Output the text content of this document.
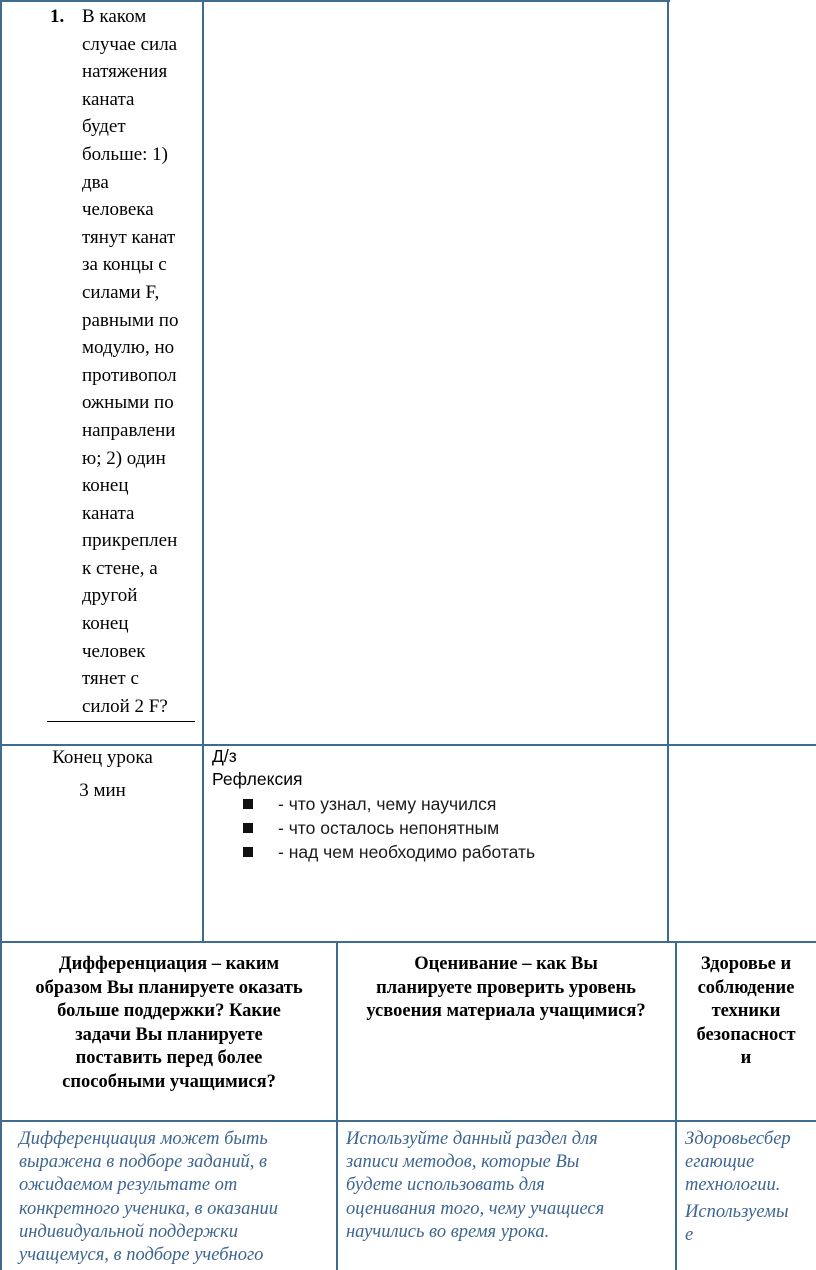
1. В каком
случае сила
натяжения
каната
будет
больше: 1)
два
человека
тянут канат
за концы с
силами F,
равными по
модулю, но
противопол
ожными по
направлени
ю; 2) один
конец
каната
прикреплен
к стене, а
другой
конец
человек
тянет с
силой 2 F?
Конец урока
3 мин
Д/з
Рефлексия
- что узнал, чему научился
- что осталось непонятным
- над чем необходимо работать
Дифференциация – каким
образом Вы планируете оказать
больше поддержки? Какие
задачи Вы планируете
поставить перед более
способными учащимися?
Оценивание – как Вы
планируете проверить уровень
усвоения материала учащимися?
Здоровье и
соблюдение
техники
безопасност
и
Дифференциация может быть
выражена в подборе заданий, в
ожидаемом результате от
конкретного ученика, в оказании
индивидуальной поддержки
учащемуся, в подборе учебного
Используйте данный раздел для
записи методов, которые Вы
будете использовать для
оценивания того, чему учащиеся
научились во время урока.
Здоровьесбер
егающие
технологии.
Используемы
е
